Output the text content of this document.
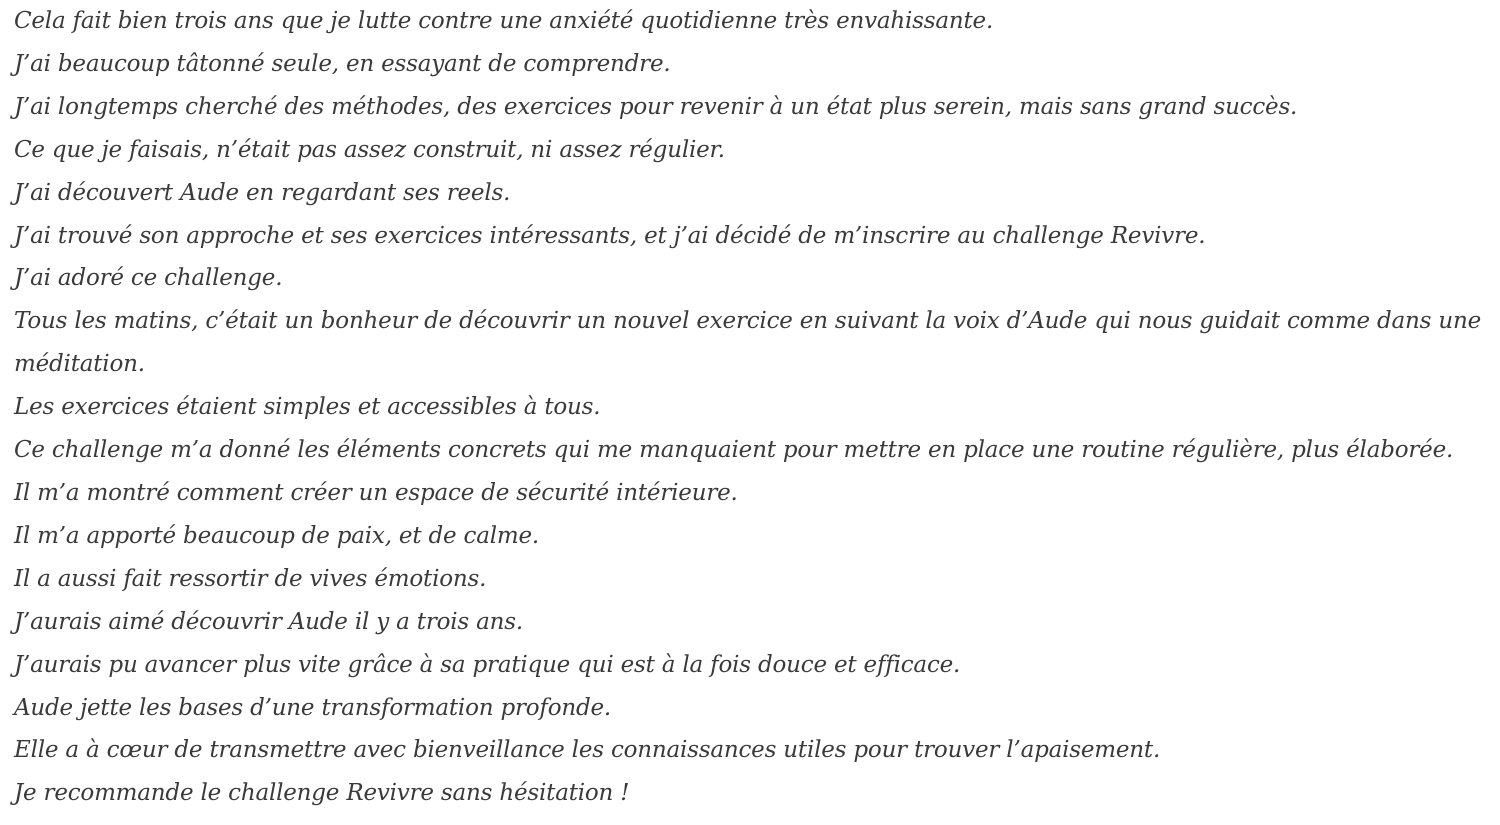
Cela fait bien trois ans que je lutte contre une anxiété quotidienne très envahissante.
J’ai beaucoup tâtonné seule, en essayant de comprendre.
J’ai longtemps cherché des méthodes, des exercices pour revenir à un état plus serein, mais sans grand succès.
Ce que je faisais, n’était pas assez construit, ni assez régulier.
J’ai découvert Aude en regardant ses reels.
J’ai trouvé son approche et ses exercices intéressants, et j’ai décidé de m’inscrire au challenge Revivre.
J’ai adoré ce challenge.
Tous les matins, c’était un bonheur de découvrir un nouvel exercice en suivant la voix d’Aude qui nous guidait comme dans une
méditation.
Les exercices étaient simples et accessibles à tous.
Ce challenge m’a donné les éléments concrets qui me manquaient pour mettre en place une routine régulière, plus élaborée.
Il m’a montré comment créer un espace de sécurité intérieure.
Il m’a apporté beaucoup de paix, et de calme.
Il a aussi fait ressortir de vives émotions.
J’aurais aimé découvrir Aude il y a trois ans.
J’aurais pu avancer plus vite grâce à sa pratique qui est à la fois douce et efficace.
Aude jette les bases d’une transformation profonde.
Elle a à cœur de transmettre avec bienveillance les connaissances utiles pour trouver l’apaisement.
Je recommande le challenge Revivre sans hésitation !
